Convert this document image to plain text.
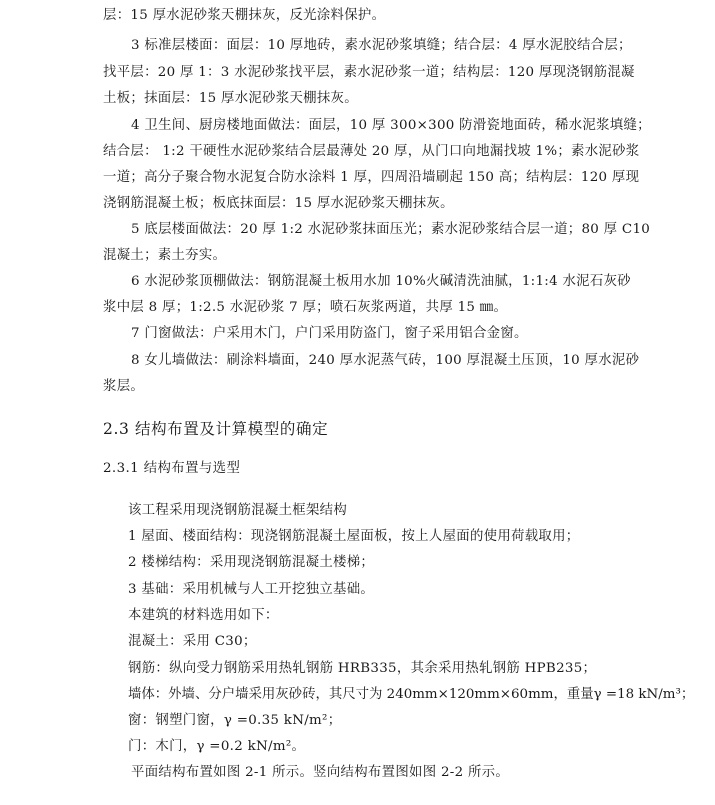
层：15 厚水泥砂浆天棚抹灰，反光涂料保护。
3 标准层楼面：面层：10 厚地砖，素水泥砂浆填缝；结合层：4 厚水泥胶结合层；
找平层：20 厚 1：3 水泥砂浆找平层，素水泥砂浆一道；结构层：120 厚现浇钢筋混凝
土板；抹面层：15 厚水泥砂浆天棚抹灰。
4 卫生间、厨房楼地面做法：面层，10 厚 300×300 防滑瓷地面砖，稀水泥浆填缝；
结合层： 1:2 干硬性水泥砂浆结合层最薄处 20 厚，从门口向地漏找坡 1%；素水泥砂浆
一道；高分子聚合物水泥复合防水涂料 1 厚，四周沿墙刷起 150 高；结构层：120 厚现
浇钢筋混凝土板；板底抹面层：15 厚水泥砂浆天棚抹灰。
5 底层楼面做法：20 厚 1:2 水泥砂浆抹面压光；素水泥砂浆结合层一道；80 厚 C10
混凝土；素土夯实。
6 水泥砂浆顶棚做法：钢筋混凝土板用水加 10%火碱清洗油腻，1:1:4 水泥石灰砂
浆中层 8 厚；1:2.5 水泥砂浆 7 厚；喷石灰浆两道，共厚 15 ㎜。
7 门窗做法：户采用木门，户门采用防盗门，窗子采用铝合金窗。
8 女儿墙做法：刷涂料墙面，240 厚水泥蒸气砖，100 厚混凝土压顶，10 厚水泥砂
浆层。
2.3 结构布置及计算模型的确定
2.3.1 结构布置与选型
该工程采用现浇钢筋混凝土框架结构
1 屋面、楼面结构：现浇钢筋混凝土屋面板，按上人屋面的使用荷载取用；
2 楼梯结构：采用现浇钢筋混凝土楼梯；
3 基础：采用机械与人工开挖独立基础。
本建筑的材料选用如下：
混凝土：采用 C30；
钢筋：纵向受力钢筋采用热轧钢筋 HRB335，其余采用热轧钢筋 HPB235；
墙体：外墙、分户墙采用灰砂砖，其尺寸为 240mm×120mm×60mm，重量γ =18 kN/m³；
窗：钢塑门窗，γ =0.35 kN/m²；
门：木门，γ =0.2 kN/m²。
平面结构布置如图 2-1 所示。竖向结构布置图如图 2-2 所示。
